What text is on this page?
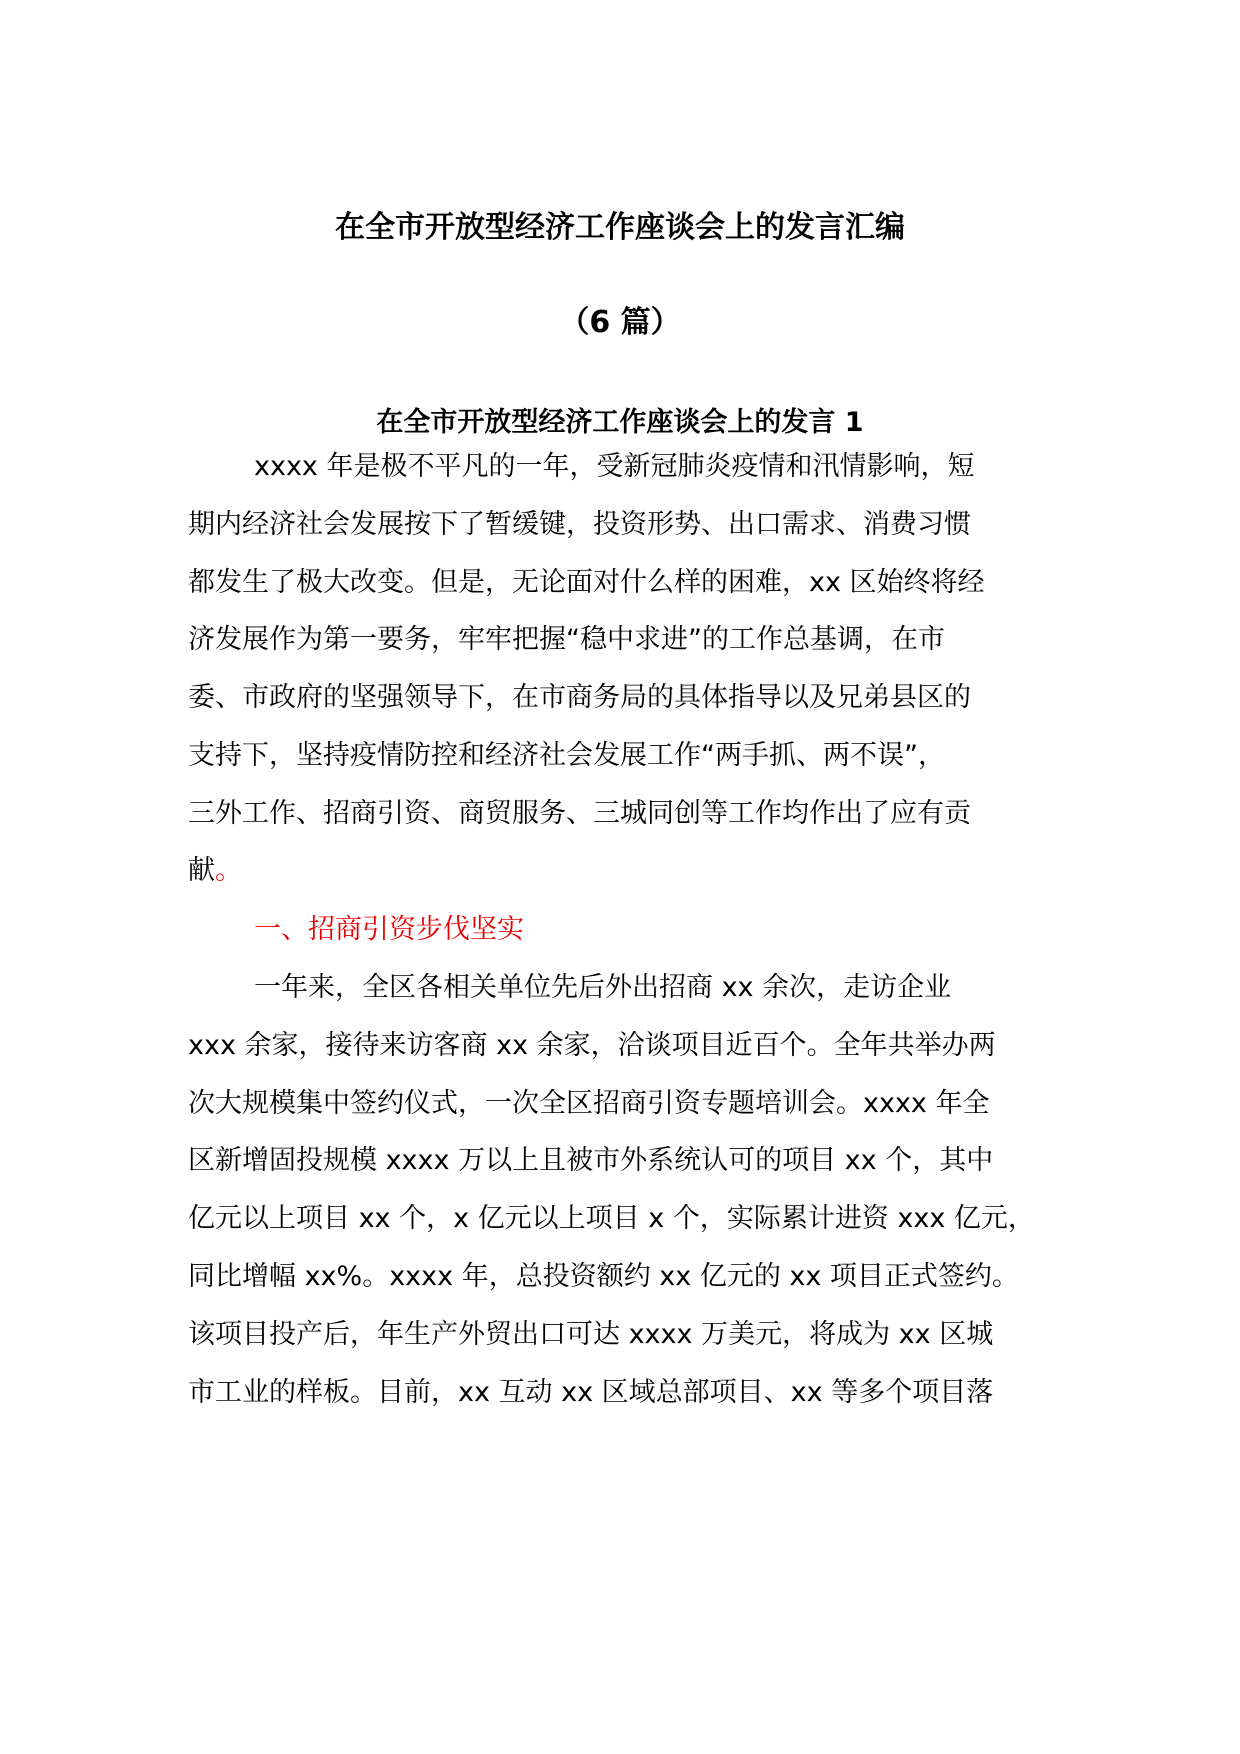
在全市开放型经济工作座谈会上的发言汇编
（6 篇）
在全市开放型经济工作座谈会上的发言 1
xxxx 年是极不平凡的一年，受新冠肺炎疫情和汛情影响，短
期内经济社会发展按下了暂缓键，投资形势、出口需求、消费习惯
都发生了极大改变。但是，无论面对什么样的困难，xx 区始终将经
济发展作为第一要务，牢牢把握“稳中求进”的工作总基调，在市
委、市政府的坚强领导下，在市商务局的具体指导以及兄弟县区的
支持下，坚持疫情防控和经济社会发展工作“两手抓、两不误”，
三外工作、招商引资、商贸服务、三城同创等工作均作出了应有贡
献。
一、招商引资步伐坚实
一年来，全区各相关单位先后外出招商 xx 余次，走访企业
xxx 余家，接待来访客商 xx 余家，洽谈项目近百个。全年共举办两
次大规模集中签约仪式，一次全区招商引资专题培训会。xxxx 年全
区新增固投规模 xxxx 万以上且被市外系统认可的项目 xx 个，其中
亿元以上项目 xx 个，x 亿元以上项目 x 个，实际累计进资 xxx 亿元，
同比增幅 xx%。xxxx 年，总投资额约 xx 亿元的 xx 项目正式签约。
该项目投产后，年生产外贸出口可达 xxxx 万美元，将成为 xx 区城
市工业的样板。目前，xx 互动 xx 区域总部项目、xx 等多个项目落
